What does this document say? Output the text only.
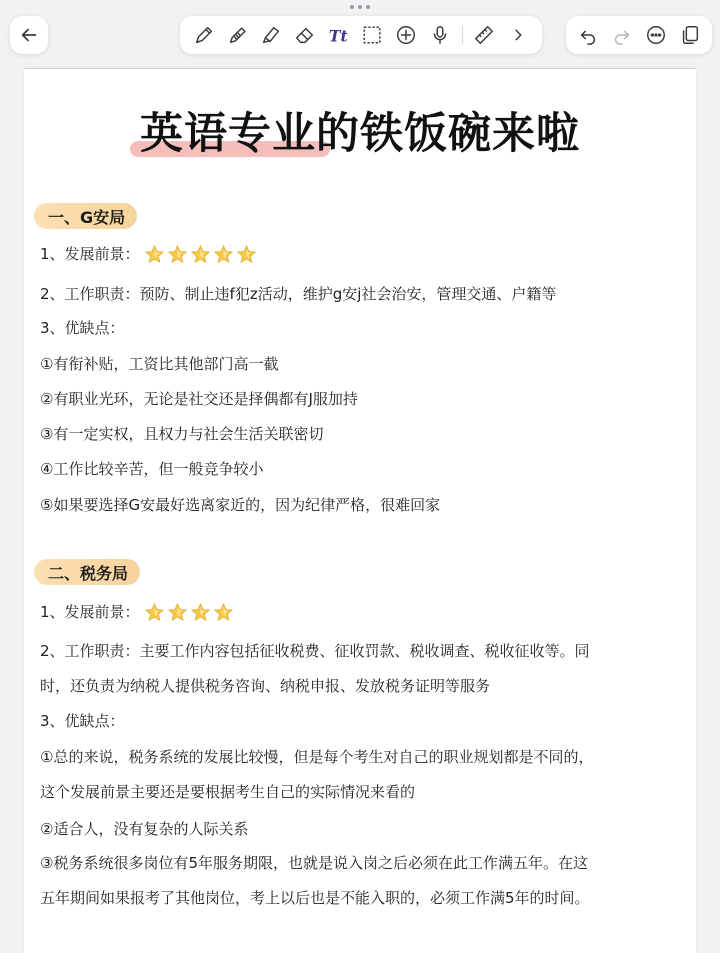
Tt
英语专业的铁饭碗来啦
一、G安局
1、发展前景：
2、工作职责：预防、制止违f犯z活动，维护g安j社会治安，管理交通、户籍等
3、优缺点：
①有衔补贴，工资比其他部门高一截
②有职业光环，无论是社交还是择偶都有J服加持
③有一定实权，且权力与社会生活关联密切
④工作比较辛苦，但一般竞争较小
⑤如果要选择G安最好选离家近的，因为纪律严格，很难回家
二、税务局
1、发展前景：
2、工作职责：主要工作内容包括征收税费、征收罚款、税收调查、税收征收等。同
时，还负责为纳税人提供税务咨询、纳税申报、发放税务证明等服务
3、优缺点：
①总的来说，税务系统的发展比较慢，但是每个考生对自己的职业规划都是不同的，
这个发展前景主要还是要根据考生自己的实际情况来看的
②适合人，没有复杂的人际关系
③税务系统很多岗位有5年服务期限，也就是说入岗之后必须在此工作满五年。在这
五年期间如果报考了其他岗位，考上以后也是不能入职的，必须工作满5年的时间。
